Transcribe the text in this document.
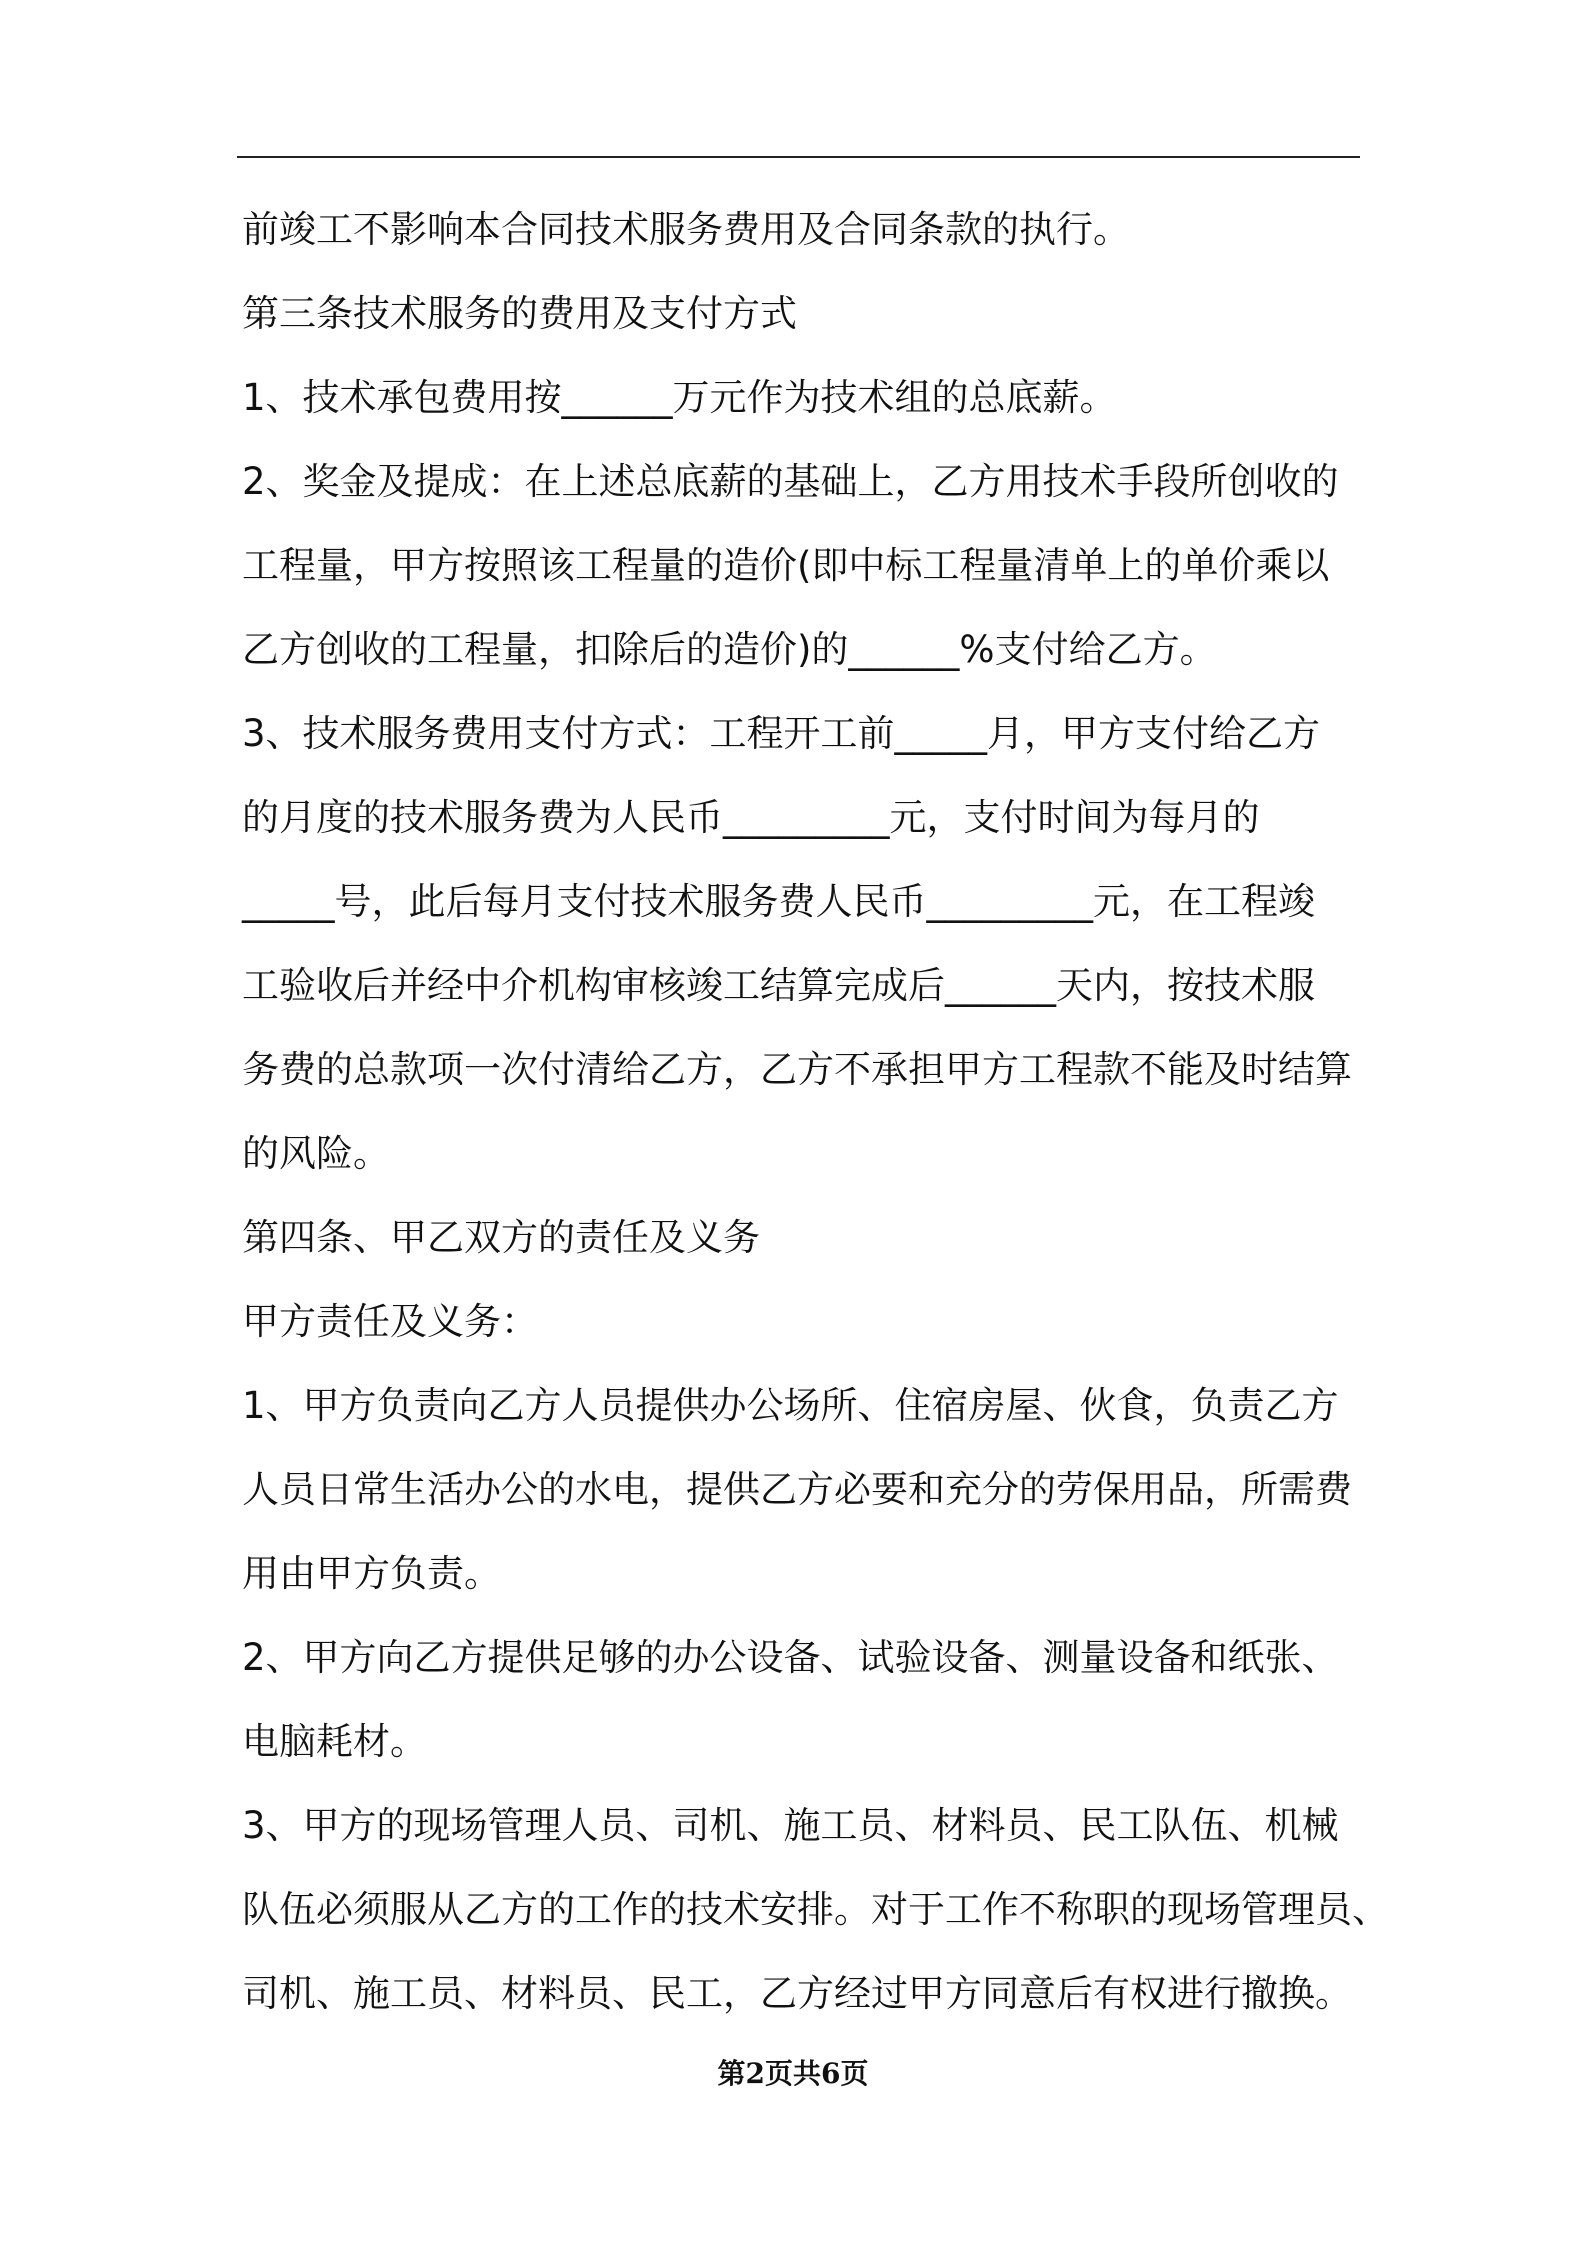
前竣工不影响本合同技术服务费用及合同条款的执行。
第三条技术服务的费用及支付方式
1、技术承包费用按______万元作为技术组的总底薪。
2、奖金及提成：在上述总底薪的基础上，乙方用技术手段所创收的
工程量，甲方按照该工程量的造价(即中标工程量清单上的单价乘以
乙方创收的工程量，扣除后的造价)的______%支付给乙方。
3、技术服务费用支付方式：工程开工前_____月，甲方支付给乙方
的月度的技术服务费为人民币_________元，支付时间为每月的
_____号，此后每月支付技术服务费人民币_________元，在工程竣
工验收后并经中介机构审核竣工结算完成后______天内，按技术服
务费的总款项一次付清给乙方，乙方不承担甲方工程款不能及时结算
的风险。
第四条、甲乙双方的责任及义务
甲方责任及义务：
1、甲方负责向乙方人员提供办公场所、住宿房屋、伙食，负责乙方
人员日常生活办公的水电，提供乙方必要和充分的劳保用品，所需费
用由甲方负责。
2、甲方向乙方提供足够的办公设备、试验设备、测量设备和纸张、
电脑耗材。
3、甲方的现场管理人员、司机、施工员、材料员、民工队伍、机械
队伍必须服从乙方的工作的技术安排。对于工作不称职的现场管理员、
司机、施工员、材料员、民工，乙方经过甲方同意后有权进行撤换。
第2页共6页
